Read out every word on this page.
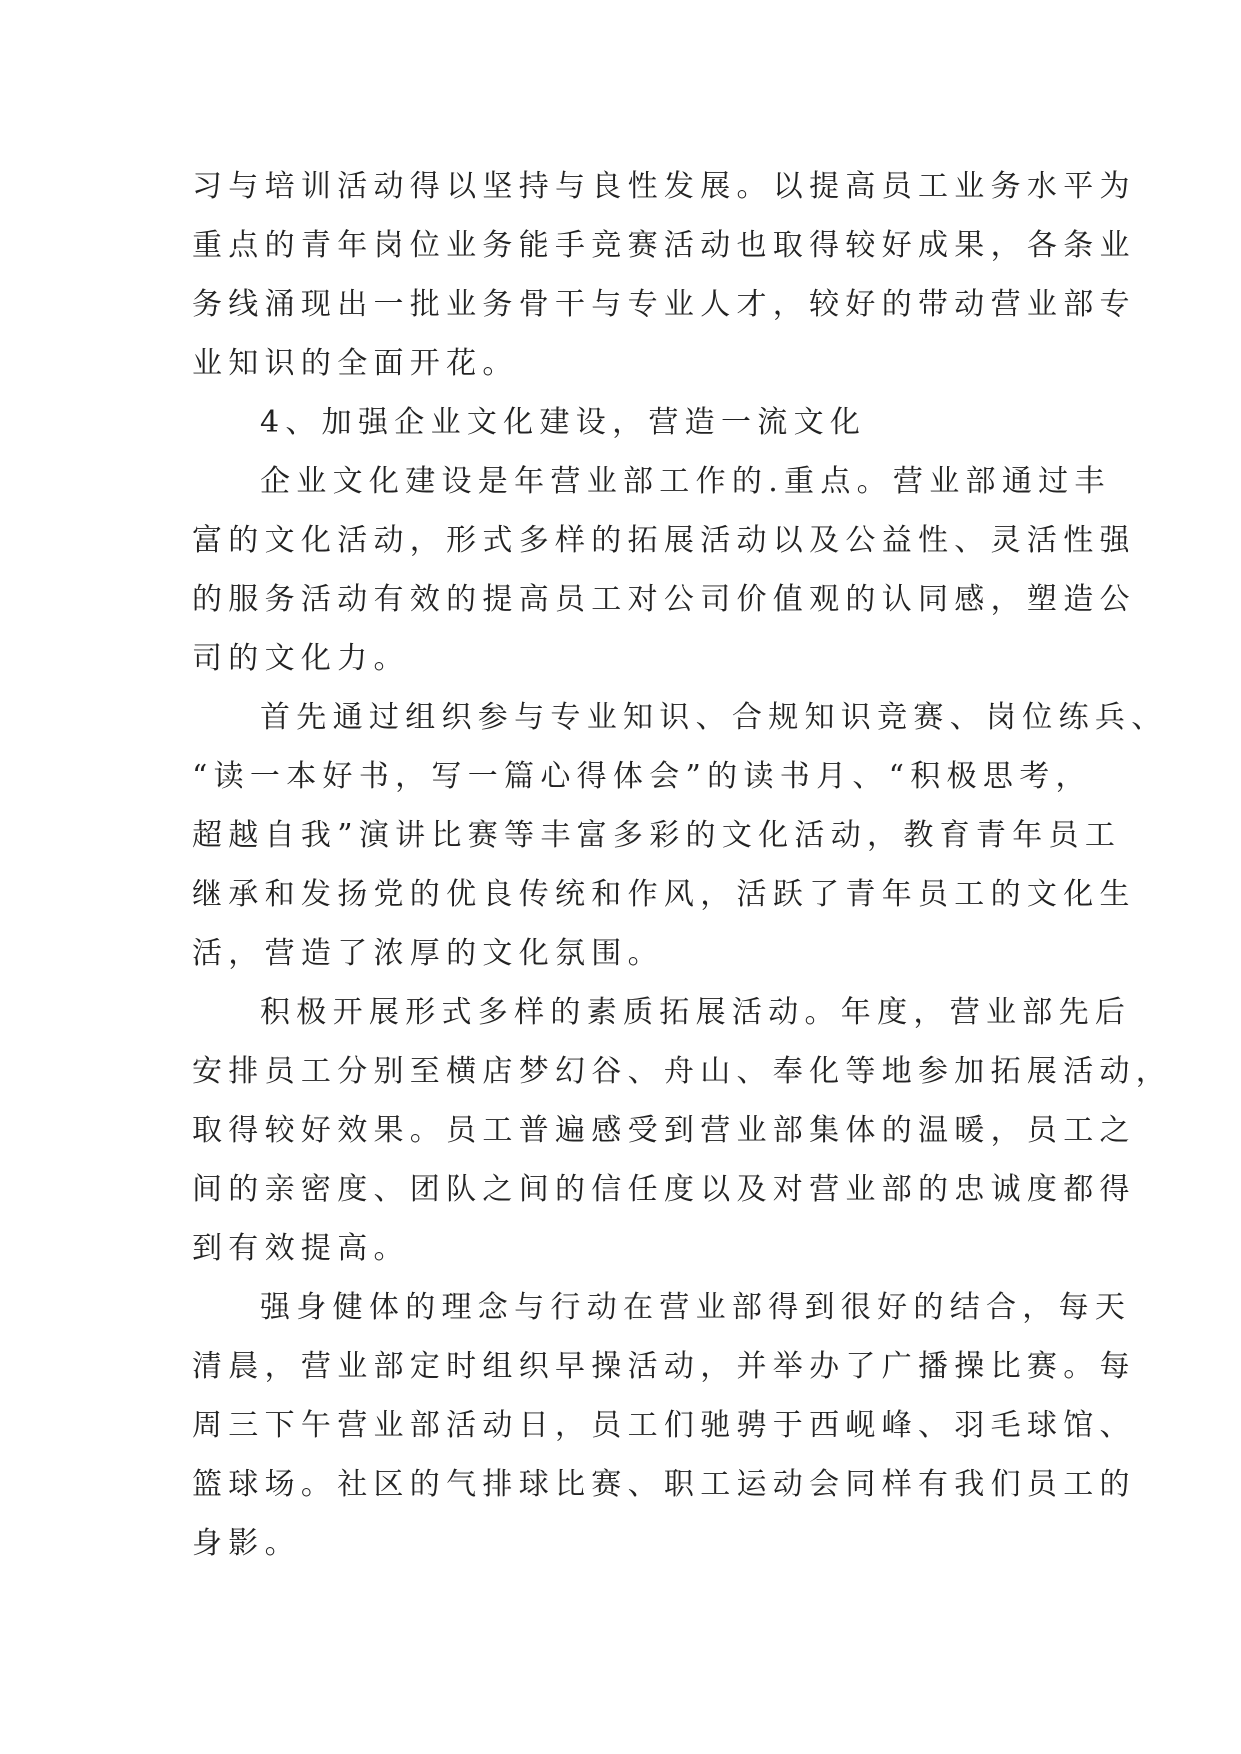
习与培训活动得以坚持与良性发展。以提高员工业务水平为
重点的青年岗位业务能手竞赛活动也取得较好成果，各条业
务线涌现出一批业务骨干与专业人才，较好的带动营业部专
业知识的全面开花。
4、加强企业文化建设，营造一流文化
企业文化建设是年营业部工作的.重点。营业部通过丰
富的文化活动，形式多样的拓展活动以及公益性、灵活性强
的服务活动有效的提高员工对公司价值观的认同感，塑造公
司的文化力。
首先通过组织参与专业知识、合规知识竞赛、岗位练兵、
“读一本好书，写一篇心得体会”的读书月、“积极思考，
超越自我”演讲比赛等丰富多彩的文化活动，教育青年员工
继承和发扬党的优良传统和作风，活跃了青年员工的文化生
活，营造了浓厚的文化氛围。
积极开展形式多样的素质拓展活动。年度，营业部先后
安排员工分别至横店梦幻谷、舟山、奉化等地参加拓展活动，
取得较好效果。员工普遍感受到营业部集体的温暖，员工之
间的亲密度、团队之间的信任度以及对营业部的忠诚度都得
到有效提高。
强身健体的理念与行动在营业部得到很好的结合，每天
清晨，营业部定时组织早操活动，并举办了广播操比赛。每
周三下午营业部活动日，员工们驰骋于西岘峰、羽毛球馆、
篮球场。社区的气排球比赛、职工运动会同样有我们员工的
身影。
